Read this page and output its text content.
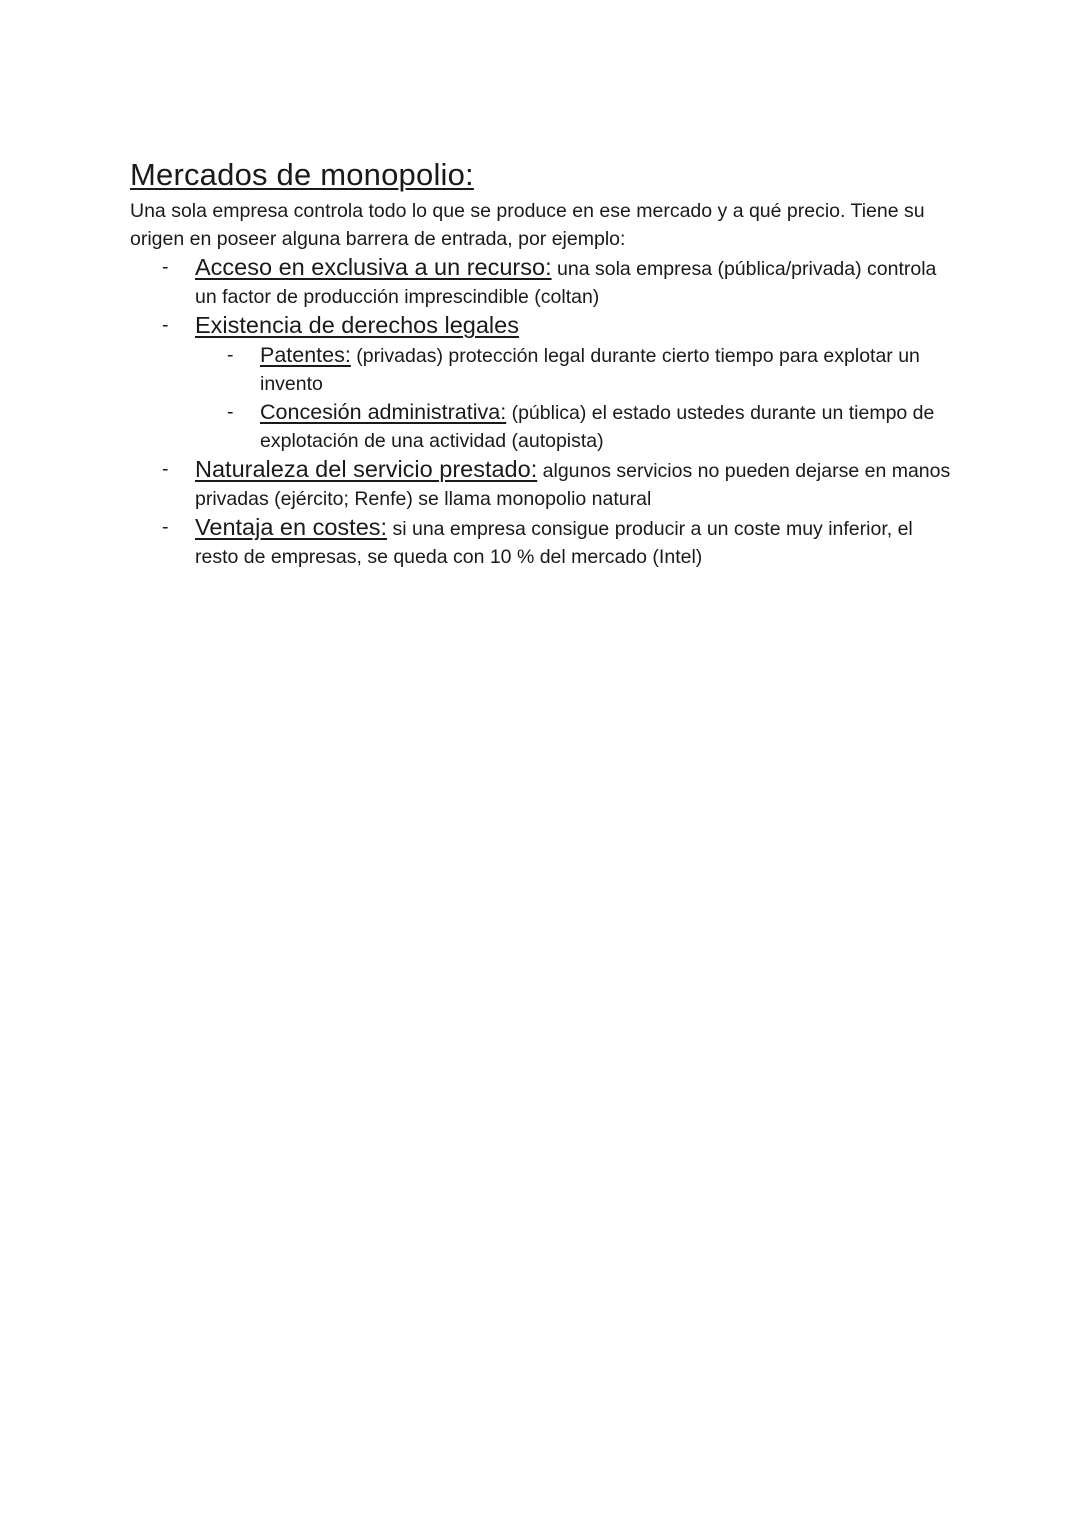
Mercados de monopolio:

Una sola empresa controla todo lo que se produce en ese mercado y a qué precio. Tiene su origen en poseer alguna barrera de entrada, por ejemplo:

- Acceso en exclusiva a un recurso: una sola empresa (pública/privada) controla un factor de producción imprescindible (coltan)
- Existencia de derechos legales
- Patentes: (privadas) protección legal durante cierto tiempo para explotar un invento
- Concesión administrativa: (pública) el estado ustedes durante un tiempo de explotación de una actividad (autopista)
- Naturaleza del servicio prestado: algunos servicios no pueden dejarse en manos privadas (ejército; Renfe) se llama monopolio natural
- Ventaja en costes: si una empresa consigue producir a un coste muy inferior, el resto de empresas, se queda con 10 % del mercado (Intel)
